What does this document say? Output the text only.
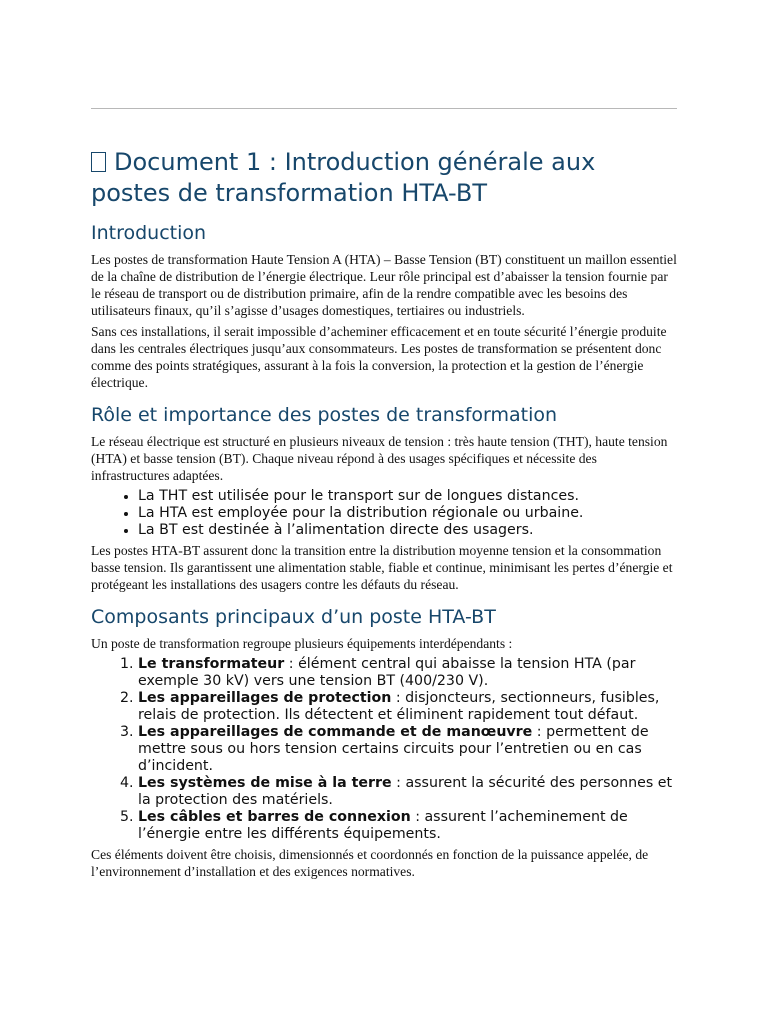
Document 1 : Introduction générale aux postes de transformation HTA-BT
Introduction

Les postes de transformation Haute Tension A (HTA) – Basse Tension (BT) constituent un maillon essentiel de la chaîne de distribution de l’énergie électrique. Leur rôle principal est d’abaisser la tension fournie par le réseau de transport ou de distribution primaire, afin de la rendre compatible avec les besoins des utilisateurs finaux, qu’il s’agisse d’usages domestiques, tertiaires ou industriels.

Sans ces installations, il serait impossible d’acheminer efficacement et en toute sécurité l’énergie produite dans les centrales électriques jusqu’aux consommateurs. Les postes de transformation se présentent donc comme des points stratégiques, assurant à la fois la conversion, la protection et la gestion de l’énergie électrique.

Rôle et importance des postes de transformation

Le réseau électrique est structuré en plusieurs niveaux de tension : très haute tension (THT), haute tension (HTA) et basse tension (BT). Chaque niveau répond à des usages spécifiques et nécessite des infrastructures adaptées.

• La THT est utilisée pour le transport sur de longues distances.
• La HTA est employée pour la distribution régionale ou urbaine.
• La BT est destinée à l’alimentation directe des usagers.

Les postes HTA-BT assurent donc la transition entre la distribution moyenne tension et la consommation basse tension. Ils garantissent une alimentation stable, fiable et continue, minimisant les pertes d’énergie et protégeant les installations des usagers contre les défauts du réseau.

Composants principaux d’un poste HTA-BT

Un poste de transformation regroupe plusieurs équipements interdépendants :

1. Le transformateur : élément central qui abaisse la tension HTA (par exemple 30 kV) vers une tension BT (400/230 V).
2. Les appareillages de protection : disjoncteurs, sectionneurs, fusibles, relais de protection. Ils détectent et éliminent rapidement tout défaut.
3. Les appareillages de commande et de manœuvre : permettent de mettre sous ou hors tension certains circuits pour l’entretien ou en cas d’incident.
4. Les systèmes de mise à la terre : assurent la sécurité des personnes et la protection des matériels.
5. Les câbles et barres de connexion : assurent l’acheminement de l’énergie entre les différents équipements.

Ces éléments doivent être choisis, dimensionnés et coordonnés en fonction de la puissance appelée, de l’environnement d’installation et des exigences normatives.
